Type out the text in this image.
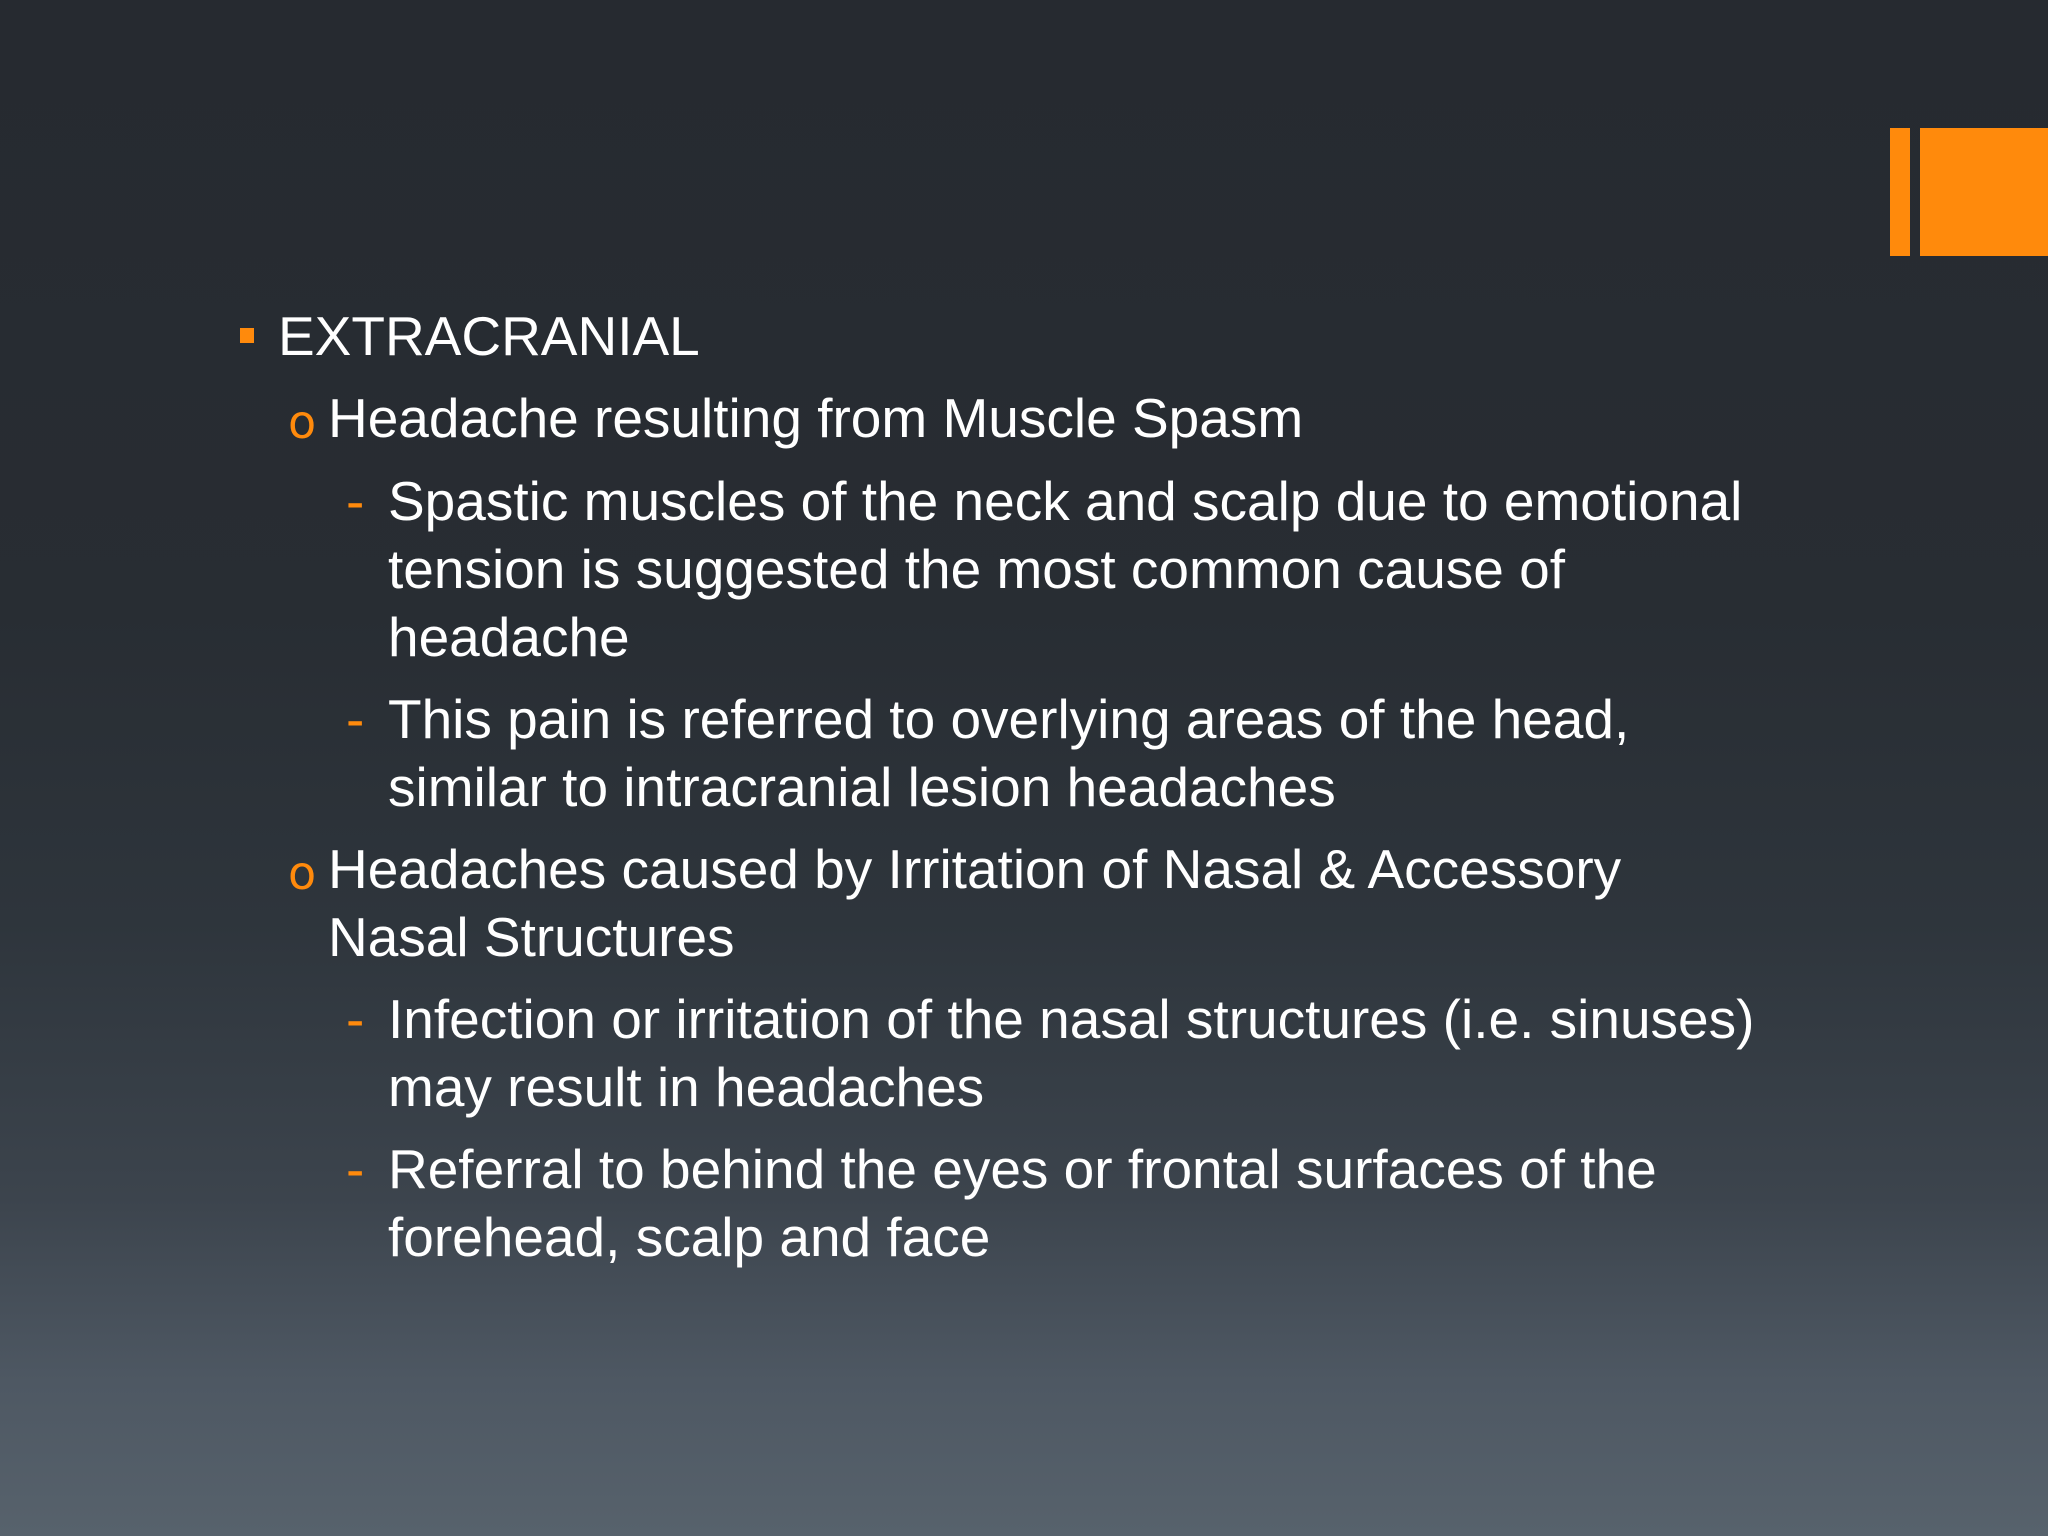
EXTRACRANIAL
o Headache resulting from Muscle Spasm
- Spastic muscles of the neck and scalp due to emotional
tension is suggested the most common cause of
headache
- This pain is referred to overlying areas of the head,
similar to intracranial lesion headaches
o Headaches caused by Irritation of Nasal & Accessory
Nasal Structures
- Infection or irritation of the nasal structures (i.e. sinuses)
may result in headaches
- Referral to behind the eyes or frontal surfaces of the
forehead, scalp and face
